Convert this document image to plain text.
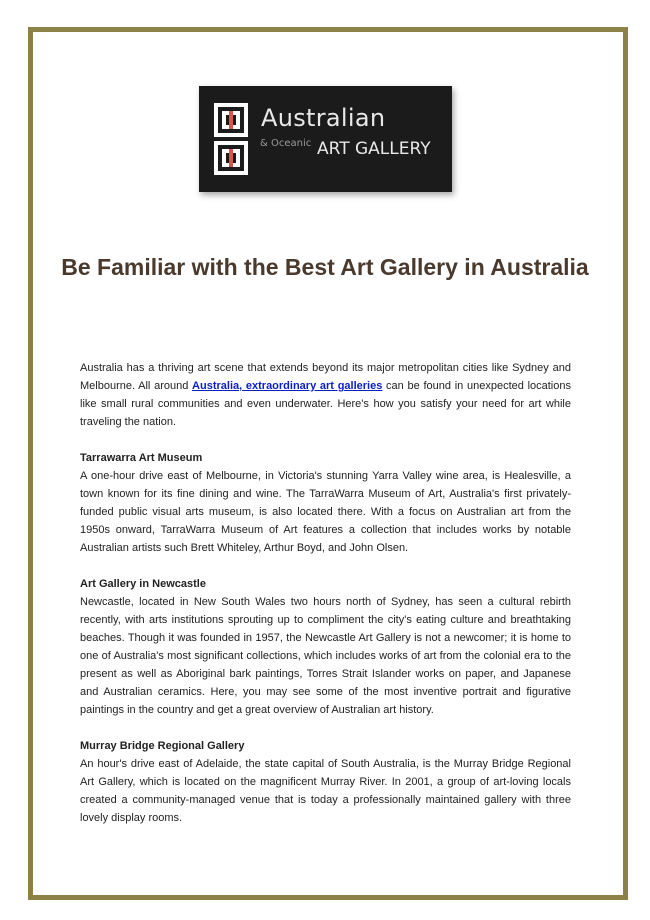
Australian
& Oceanic ART GALLERY
Be Familiar with the Best Art Gallery in Australia

Australia has a thriving art scene that extends beyond its major metropolitan cities like Sydney and Melbourne. All around Australia, extraordinary art galleries can be found in unexpected locations like small rural communities and even underwater. Here's how you satisfy your need for art while traveling the nation.

Tarrawarra Art Museum

A one-hour drive east of Melbourne, in Victoria's stunning Yarra Valley wine area, is Healesville, a town known for its fine dining and wine. The TarraWarra Museum of Art, Australia's first privately-funded public visual arts museum, is also located there. With a focus on Australian art from the 1950s onward, TarraWarra Museum of Art features a collection that includes works by notable Australian artists such Brett Whiteley, Arthur Boyd, and John Olsen.

Art Gallery in Newcastle

Newcastle, located in New South Wales two hours north of Sydney, has seen a cultural rebirth recently, with arts institutions sprouting up to compliment the city's eating culture and breathtaking beaches. Though it was founded in 1957, the Newcastle Art Gallery is not a newcomer; it is home to one of Australia's most significant collections, which includes works of art from the colonial era to the present as well as Aboriginal bark paintings, Torres Strait Islander works on paper, and Japanese and Australian ceramics. Here, you may see some of the most inventive portrait and figurative paintings in the country and get a great overview of Australian art history.

Murray Bridge Regional Gallery

An hour's drive east of Adelaide, the state capital of South Australia, is the Murray Bridge Regional Art Gallery, which is located on the magnificent Murray River. In 2001, a group of art-loving locals created a community-managed venue that is today a professionally maintained gallery with three lovely display rooms.
